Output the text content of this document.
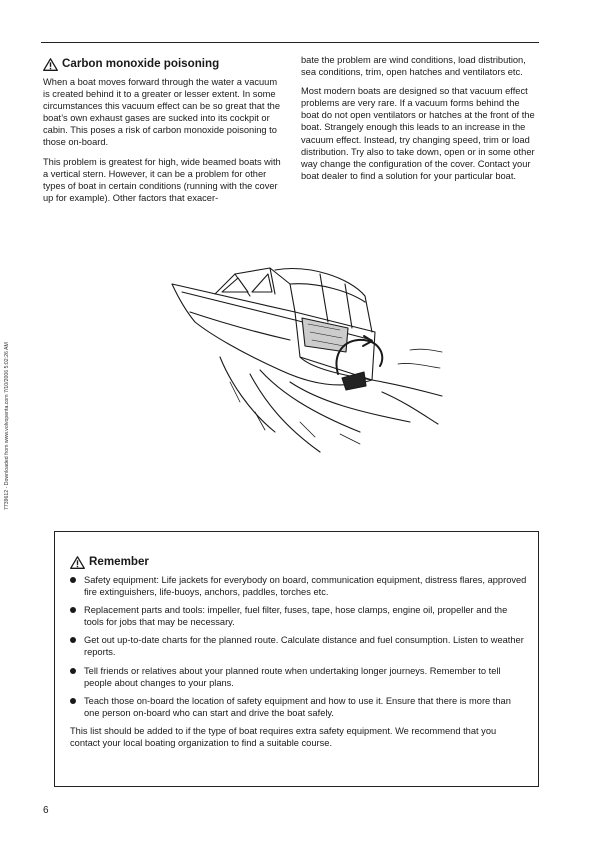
7739612 - Downloaded from www.volvopenta.com 7/10/2006 5:02:26 AM
Carbon monoxide poisoning

When a boat moves forward through the water a vacuum is created behind it to a greater or lesser extent. In some circumstances this vacuum effect can be so great that the boat’s own exhaust gases are sucked into its cockpit or cabin. This poses a risk of carbon monoxide poisoning to those on-board.

This problem is greatest for high, wide beamed boats with a vertical stern. However, it can be a problem for other types of boat in certain conditions (running with the cover up for example). Other factors that exacer-

bate the problem are wind conditions, load distribution, sea conditions, trim, open hatches and ventilators etc.

Most modern boats are designed so that vacuum effect problems are very rare. If a vacuum forms behind the boat do not open ventilators or hatches at the front of the boat. Strangely enough this leads to an increase in the vacuum effect. Instead, try changing speed, trim or load distribution. Try also to take down, open or in some other way change the configuration of the cover. Contact your boat dealer to find a solution for your particular boat.

Remember
Safety equipment: Life jackets for everybody on board, communication equipment, distress flares, approved fire extinguishers, life-buoys, anchors, paddles, torches etc.
Replacement parts and tools: impeller, fuel filter, fuses, tape, hose clamps, engine oil, propeller and the tools for jobs that may be necessary.
Get out up-to-date charts for the planned route. Calculate distance and fuel consumption. Listen to weather reports.
Tell friends or relatives about your planned route when undertaking longer journeys. Remember to tell people about changes to your plans.
Teach those on-board the location of safety equipment and how to use it. Ensure that there is more than one person on-board who can start and drive the boat safely.

This list should be added to if the type of boat requires extra safety equipment. We recommend that you contact your local boating organization to find a suitable course.

6
